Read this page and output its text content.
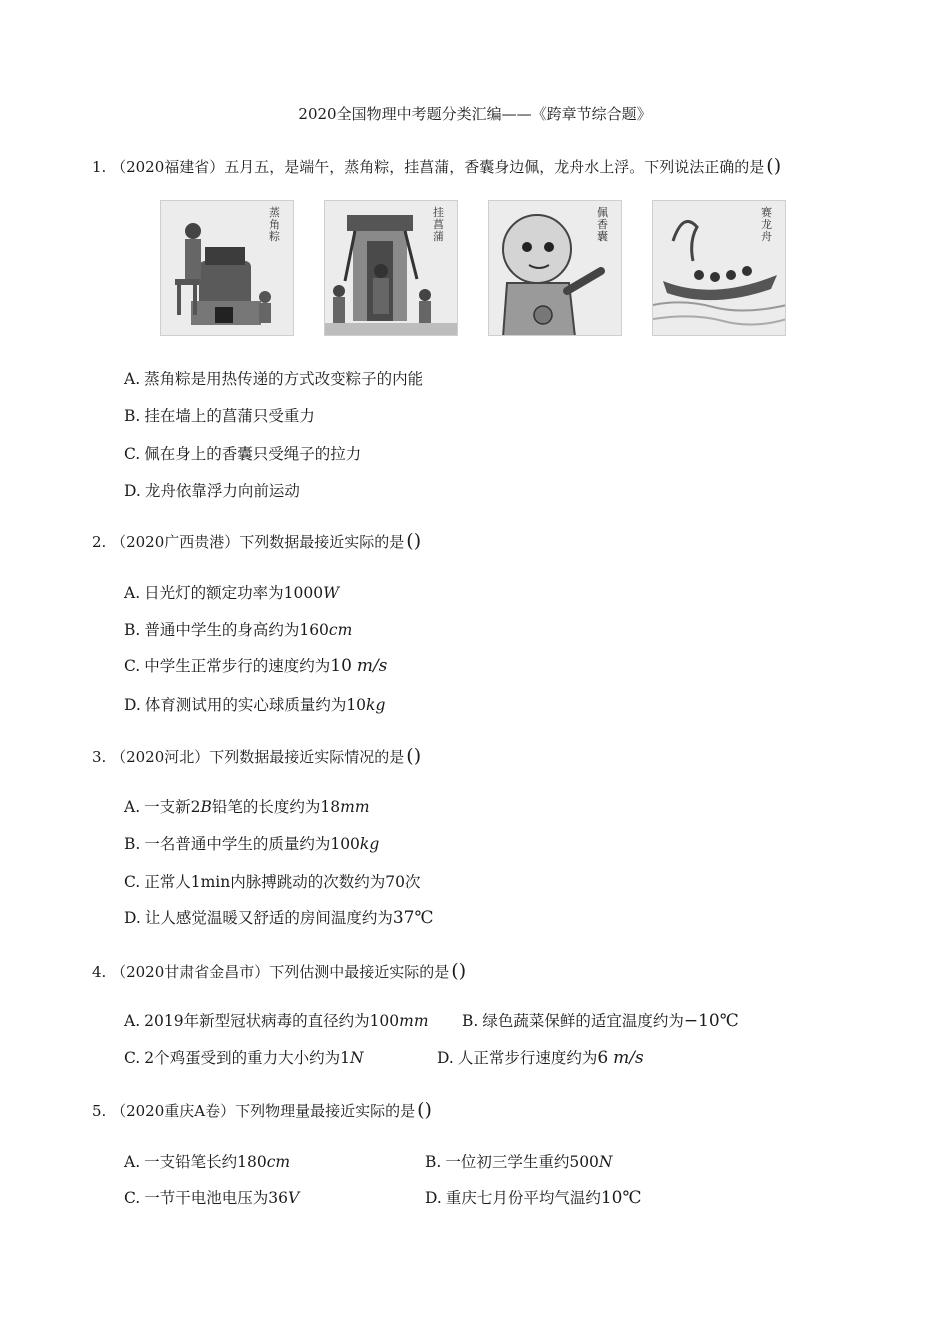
2020全国物理中考题分类汇编——《跨章节综合题》
1. （2020福建省）五月五，是端午，蒸角粽，挂菖蒲，香囊身边佩，龙舟水上浮。下列说法正确的是 ()
蒸角粽
挂菖蒲
佩香囊
赛龙舟
A. 蒸角粽是用热传递的方式改变粽子的内能
B. 挂在墙上的菖蒲只受重力
C. 佩在身上的香囊只受绳子的拉力
D. 龙舟依靠浮力向前运动
2. （2020广西贵港）下列数据最接近实际的是 ()
A. 日光灯的额定功率为1000W
B. 普通中学生的身高约为160cm
C. 中学生正常步行的速度约为10 m/s
D. 体育测试用的实心球质量约为10kg
3. （2020河北）下列数据最接近实际情况的是 ()
A. 一支新2B铅笔的长度约为18mm
B. 一名普通中学生的质量约为100kg
C. 正常人1min内脉搏跳动的次数约为70次
D. 让人感觉温暖又舒适的房间温度约为37℃
4. （2020甘肃省金昌市）下列估测中最接近实际的是 ()
A. 2019年新型冠状病毒的直径约为100mm B. 绿色蔬菜保鲜的适宜温度约为−10℃
C. 2个鸡蛋受到的重力大小约为1N	D. 人正常步行速度约为6 m/s
5. （2020重庆A卷）下列物理量最接近实际的是 ()
A. 一支铅笔长约180cm	B. 一位初三学生重约500N
C. 一节干电池电压为36V	D. 重庆七月份平均气温约10℃
